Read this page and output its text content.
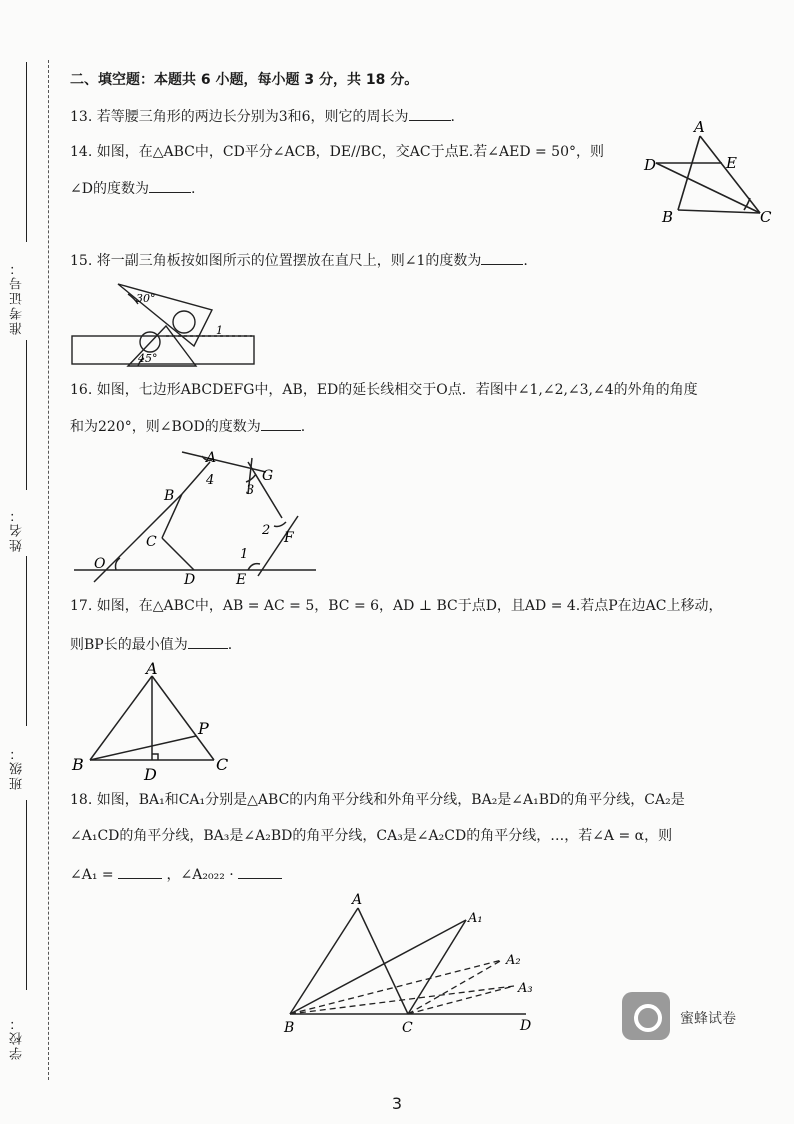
准考证号：
姓名：
班级：
学校：
二、填空题：本题共 6 小题，每小题 3 分，共 18 分。
13. 若等腰三角形的两边长分别为3和6，则它的周长为	.
14. 如图，在△ABC中，CD平分∠ACB，DE//BC，交AC于点E.若∠AED = 50°，则
∠D的度数为	.
A
D	E
B	C
15. 将一副三角板按如图所示的位置摆放在直尺上，则∠1的度数为	.
30°
45°
1
16. 如图，七边形ABCDEFG中，AB，ED的延长线相交于O点．若图中∠1,∠2,∠3,∠4的外角的角度
和为220°，则∠BOD的度数为	.
A
B
C
D	E
F
G
O
1
2
3
4
17. 如图，在△ABC中，AB = AC = 5，BC = 6，AD ⊥ BC于点D，且AD = 4.若点P在边AC上移动，
则BP长的最小值为	.
A
B	C
D
P
18. 如图，BA₁和CA₁分别是△ABC的内角平分线和外角平分线，BA₂是∠A₁BD的角平分线，CA₂是
∠A₁CD的角平分线，BA₃是∠A₂BD的角平分线，CA₃是∠A₂CD的角平分线，…，若∠A = α，则
∠A₁ =	，∠A₂₀₂₂ ·
A
A₁
A₂
A₃
B	C	D	蜜蜂试卷
3
